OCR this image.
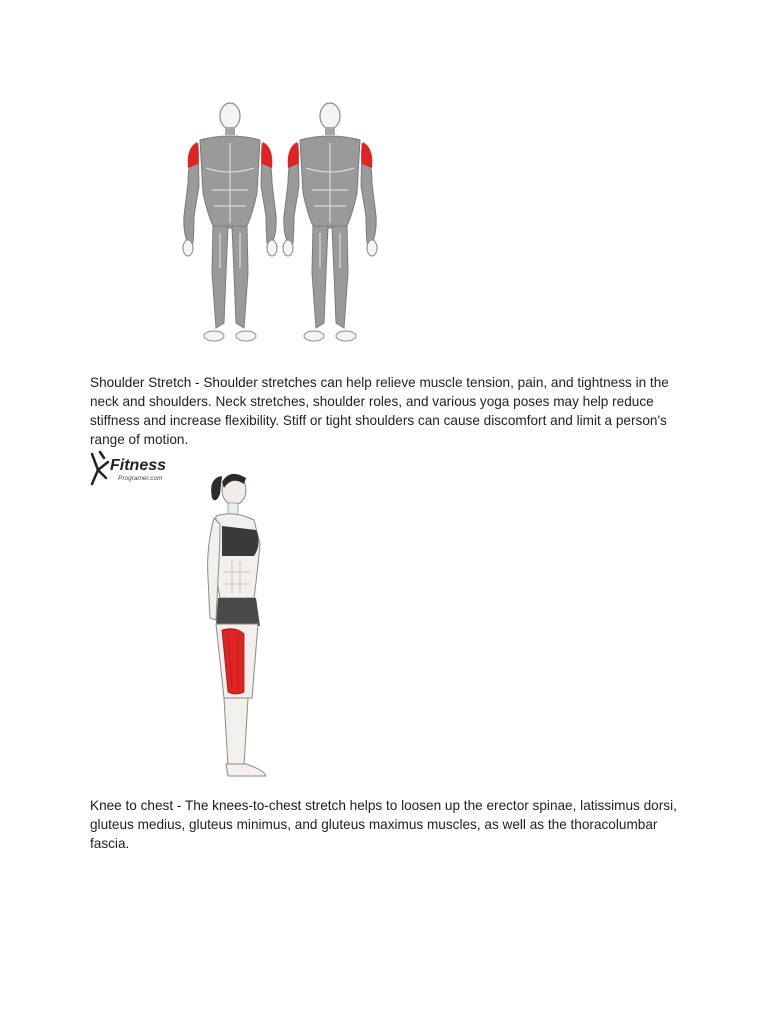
Shoulder Stretch - Shoulder stretches can help relieve muscle tension, pain, and tightness in the neck and shoulders. Neck stretches, shoulder roles, and various yoga poses may help reduce stiffness and increase flexibility. Stiff or tight shoulders can cause discomfort and limit a person's range of motion.

Fitness
Programer.com

Knee to chest - The knees-to-chest stretch helps to loosen up the erector spinae, latissimus dorsi, gluteus medius, gluteus minimus, and gluteus maximus muscles, as well as the thoracolumbar fascia.
